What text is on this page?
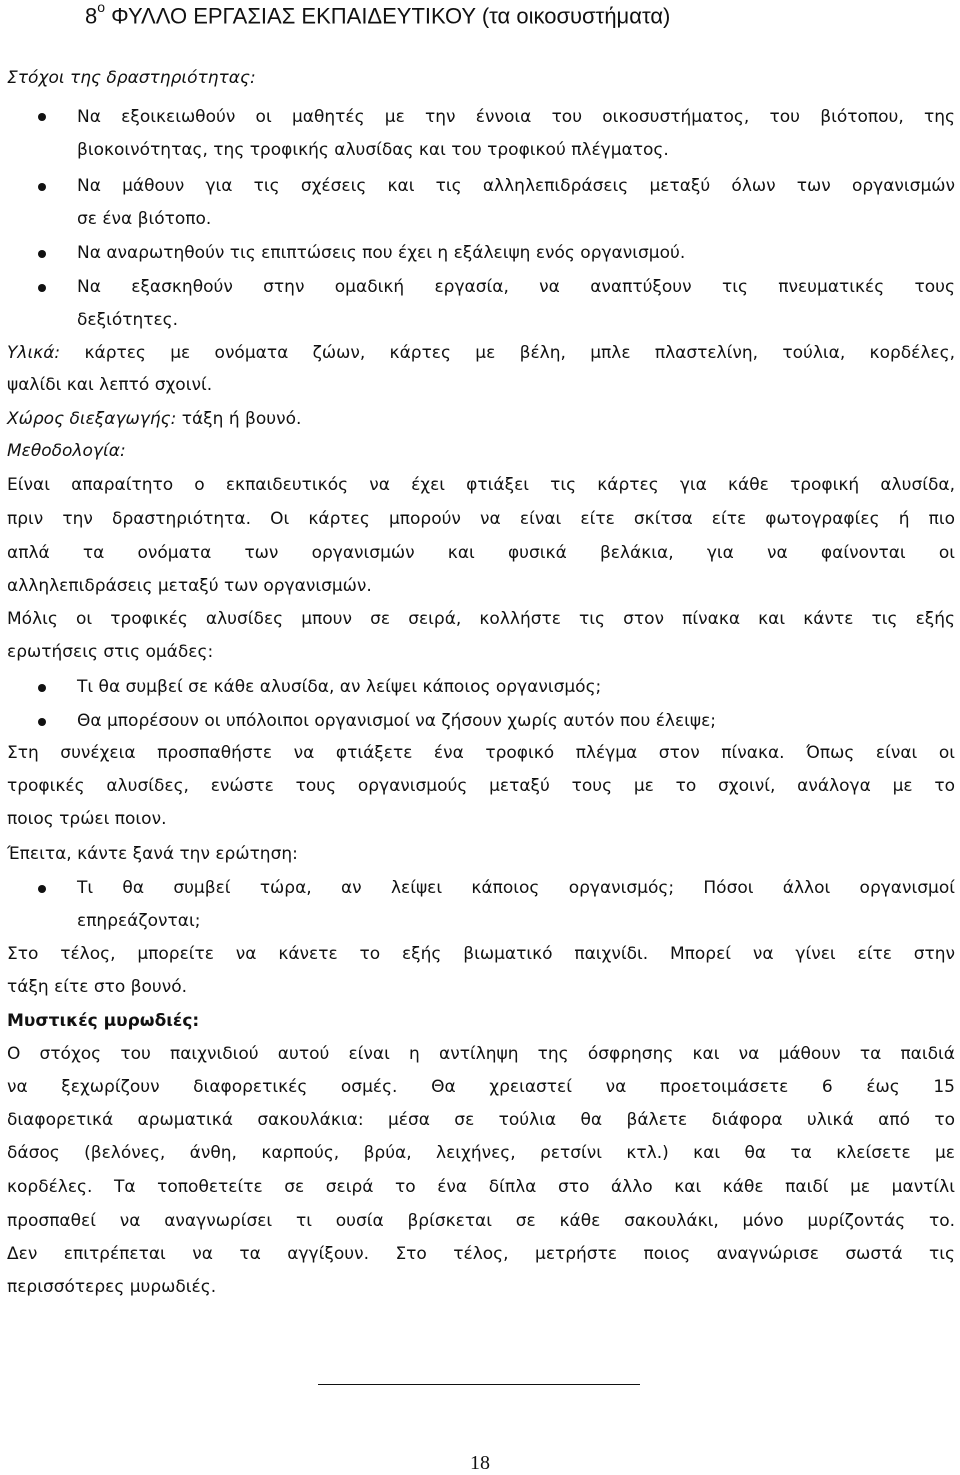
$8^o$ ΦΥΛΛΟ ΕΡΓΑΣΙΑΣ ΕΚΠΑΙΔΕΥΤΙΚΟΥ (τα οικοσυστήματα)
Στόχοι της δραστηριότητας:
Να εξοικειωθούν οι μαθητές με την έννοια του οικοσυστήματος, του βιότοπου, της
βιοκοινότητας, της τροφικής αλυσίδας και του τροφικού πλέγματος.
Να μάθουν για τις σχέσεις και τις αλληλεπιδράσεις μεταξύ όλων των οργανισμών
σε ένα βιότοπο.
Να αναρωτηθούν τις επιπτώσεις που έχει η εξάλειψη ενός οργανισμού.
Να εξασκηθούν στην ομαδική εργασία, να αναπτύξουν τις πνευματικές τους
δεξιότητες.
Υλικά: κάρτες με ονόματα ζώων, κάρτες με βέλη, μπλε πλαστελίνη, τούλια, κορδέλες,
ψαλίδι και λεπτό σχοινί.
Χώρος διεξαγωγής: τάξη ή βουνό.
Μεθοδολογία:
Είναι απαραίτητο ο εκπαιδευτικός να έχει φτιάξει τις κάρτες για κάθε τροφική αλυσίδα,
πριν την δραστηριότητα. Οι κάρτες μπορούν να είναι είτε σκίτσα είτε φωτογραφίες ή πιο
απλά τα ονόματα των οργανισμών και φυσικά βελάκια, για να φαίνονται οι
αλληλεπιδράσεις μεταξύ των οργανισμών.
Μόλις οι τροφικές αλυσίδες μπουν σε σειρά, κολλήστε τις στον πίνακα και κάντε τις εξής
ερωτήσεις στις ομάδες:
Τι θα συμβεί σε κάθε αλυσίδα, αν λείψει κάποιος οργανισμός;
Θα μπορέσουν οι υπόλοιποι οργανισμοί να ζήσουν χωρίς αυτόν που έλειψε;
Στη συνέχεια προσπαθήστε να φτιάξετε ένα τροφικό πλέγμα στον πίνακα. Όπως είναι οι
τροφικές αλυσίδες, ενώστε τους οργανισμούς μεταξύ τους με το σχοινί, ανάλογα με το
ποιος τρώει ποιον.
Έπειτα, κάντε ξανά την ερώτηση:
Τι θα συμβεί τώρα, αν λείψει κάποιος οργανισμός; Πόσοι άλλοι οργανισμοί
επηρεάζονται;
Στο τέλος, μπορείτε να κάνετε το εξής βιωματικό παιχνίδι. Μπορεί να γίνει είτε στην
τάξη είτε στο βουνό.
Μυστικές μυρωδιές:
Ο στόχος του παιχνιδιού αυτού είναι η αντίληψη της όσφρησης και να μάθουν τα παιδιά
να ξεχωρίζουν διαφορετικές οσμές. Θα χρειαστεί να προετοιμάσετε 6 έως 15
διαφορετικά αρωματικά σακουλάκια: μέσα σε τούλια θα βάλετε διάφορα υλικά από το
δάσος (βελόνες, άνθη, καρπούς, βρύα, λειχήνες, ρετσίνι κτλ.) και θα τα κλείσετε με
κορδέλες. Τα τοποθετείτε σε σειρά το ένα δίπλα στο άλλο και κάθε παιδί με μαντίλι
προσπαθεί να αναγνωρίσει τι ουσία βρίσκεται σε κάθε σακουλάκι, μόνο μυρίζοντάς το.
Δεν επιτρέπεται να τα αγγίξουν. Στο τέλος, μετρήστε ποιος αναγνώρισε σωστά τις
περισσότερες μυρωδιές.
18
